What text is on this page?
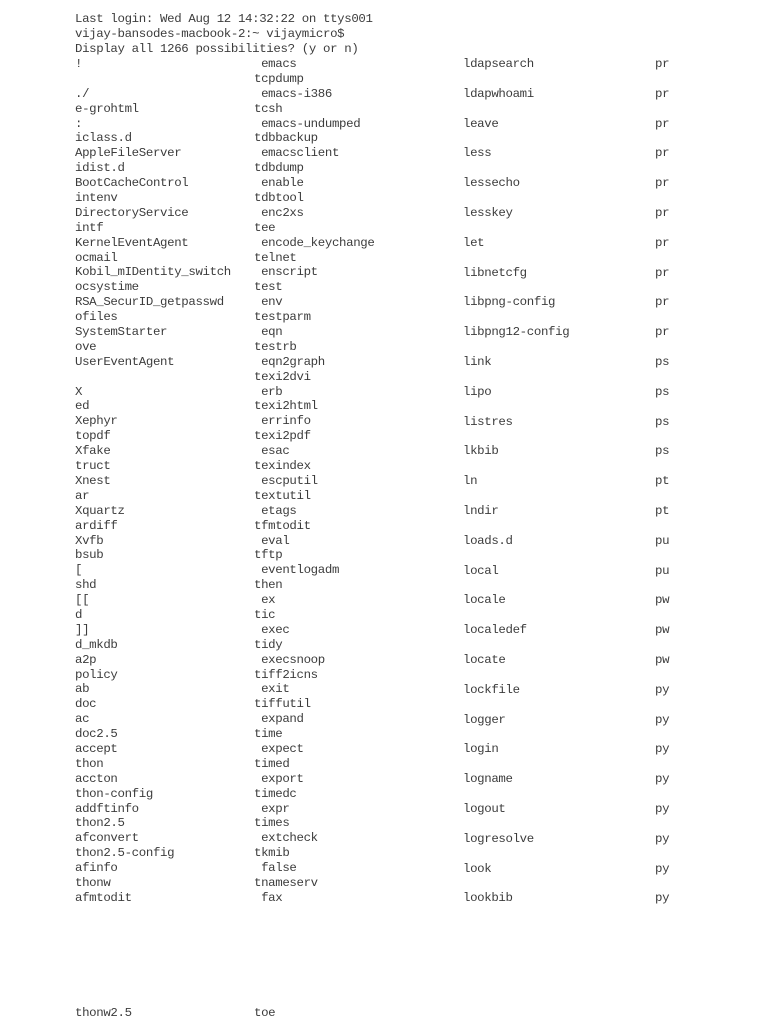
Last login: Wed Aug 12 14:32:22 on ttys001
vijay-bansodes-macbook-2:~ vijaymicro$
Display all 1266 possibilities? (y or n)
!
./
e-grohtml
:
iclass.d
AppleFileServer
idist.d
BootCacheControl
intenv
DirectoryService
intf
KernelEventAgent
ocmail
Kobil_mIDentity_switch
ocsystime
RSA_SecurID_getpasswd
ofiles
SystemStarter
ove
UserEventAgent
X
ed
Xephyr
topdf
Xfake
truct
Xnest
ar
Xquartz
ardiff
Xvfb
bsub
[
shd
[[
d
]]
d_mkdb
a2p
policy
ab
doc
ac
doc2.5
accept
thon
accton
thon-config
addftinfo
thon2.5
afconvert
thon2.5-config
afinfo
thonw
afmtodit
emacs
tcpdump
emacs-i386
tcsh
emacs-undumped
tdbbackup
emacsclient
tdbdump
enable
tdbtool
enc2xs
tee
encode_keychange
telnet
enscript
test
env
testparm
eqn
testrb
eqn2graph
texi2dvi
erb
texi2html
errinfo
texi2pdf
esac
texindex
escputil
textutil
etags
tfmtodit
eval
tftp
eventlogadm
then
ex
tic
exec
tidy
execsnoop
tiff2icns
exit
tiffutil
expand
time
expect
timed
export
timedc
expr
times
extcheck
tkmib
false
tnameserv
fax
ldapsearch
ldapwhoami
leave
less
lessecho
lesskey
let
libnetcfg
libpng-config
libpng12-config
link
lipo
listres
lkbib
ln
lndir
loads.d
local
locale
localedef
locate
lockfile
logger
login
logname
logout
logresolve
look
lookbib
pr
pr
pr
pr
pr
pr
pr
pr
pr
pr
ps
ps
ps
ps
pt
pt
pu
pu
pw
pw
pw
py
py
py
py
py
py
py
py
thonw2.5	toe
